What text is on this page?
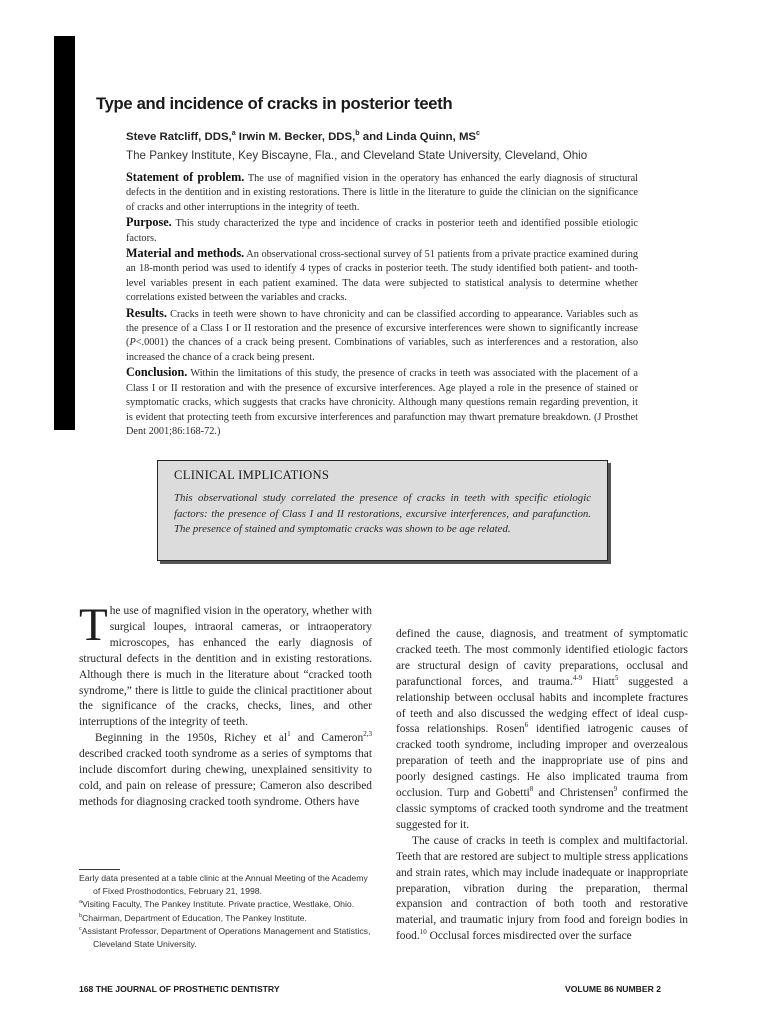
Type and incidence of cracks in posterior teeth
Steve Ratcliff, DDS,$^a$ Irwin M. Becker, DDS,$^b$ and Linda Quinn, $MS^c$
The Pankey Institute, Key Biscayne, Fla., and Cleveland State University, Cleveland, Ohio

Statement of problem. The use of magnified vision in the operatory has enhanced the early diagnosis of structural defects in the dentition and in existing restorations. There is little in the literature to guide the clinician on the significance of cracks and other interruptions in the integrity of teeth.

Purpose. This study characterized the type and incidence of cracks in posterior teeth and identified possible etiologic factors.

Material and methods. An observational cross-sectional survey of 51 patients from a private practice examined during an 18-month period was used to identify 4 types of cracks in posterior teeth. The study identified both patient- and tooth-level variables present in each patient examined. The data were subjected to statistical analysis to determine whether correlations existed between the variables and cracks.

Results. Cracks in teeth were shown to have chronicity and can be classified according to appearance. Variables such as the presence of a Class I or II restoration and the presence of excursive interferences were shown to significantly increase (P<.0001) the chances of a crack being present. Combinations of variables, such as interferences and a restoration, also increased the chance of a crack being present.

Conclusion. Within the limitations of this study, the presence of cracks in teeth was associated with the placement of a Class I or II restoration and with the presence of excursive interferences. Age played a role in the presence of stained or symptomatic cracks, which suggests that cracks have chronicity. Although many questions remain regarding prevention, it is evident that protecting teeth from excursive interferences and parafunction may thwart premature breakdown. (J Prosthet Dent 2001;86:168-72.)

CLINICAL IMPLICATIONS
This observational study correlated the presence of cracks in teeth with specific etiologic factors: the presence of Class I and II restorations, excursive interferences, and parafunction. The presence of stained and symptomatic cracks was shown to be age related.

The use of magnified vision in the operatory, whether with surgical loupes, intraoral cameras, or intraoperatory microscopes, has enhanced the early diagnosis of structural defects in the dentition and in existing restorations. Although there is much in the literature about “cracked tooth syndrome,” there is little to guide the clinical practitioner about the significance of the cracks, checks, lines, and other interruptions of the integrity of teeth.

Beginning in the 1950s, Richey et $al^1$ and Cameron$^{2,3}$ described cracked tooth syndrome as a series of symptoms that include discomfort during chewing, unexplained sensitivity to cold, and pain on release of pressure; Cameron also described methods for diagnosing cracked tooth syndrome. Others have

Early data presented at a table clinic at the Annual Meeting of the Academy of Fixed Prosthodontics, February 21, 1998.
$^a$Visiting Faculty, The Pankey Institute. Private practice, Westlake, Ohio.
$^b$Chairman, Department of Education, The Pankey Institute.
$^c$Assistant Professor, Department of Operations Management and Statistics, Cleveland State University.

defined the cause, diagnosis, and treatment of symptomatic cracked teeth. The most commonly identified etiologic factors are structural design of cavity preparations, occlusal and parafunctional forces, and trauma.$^{4-9}$ Hiatt$^5$ suggested a relationship between occlusal habits and incomplete fractures of teeth and also discussed the wedging effect of ideal cusp-fossa relationships. Rosen$^6$ identified iatrogenic causes of cracked tooth syndrome, including improper and overzealous preparation of teeth and the inappropriate use of pins and poorly designed castings. He also implicated trauma from occlusion. Turp and Gobetti$^8$ and Christensen$^9$ confirmed the classic symptoms of cracked tooth syndrome and the treatment suggested for it.

The cause of cracks in teeth is complex and multifactorial. Teeth that are restored are subject to multiple stress applications and strain rates, which may include inadequate or inappropriate preparation, vibration during the preparation, thermal expansion and contraction of both tooth and restorative material, and traumatic injury from food and foreign bodies in food.$^{10}$ Occlusal forces misdirected over the surface

168 THE JOURNAL OF PROSTHETIC DENTISTRY	VOLUME 86 NUMBER 2
